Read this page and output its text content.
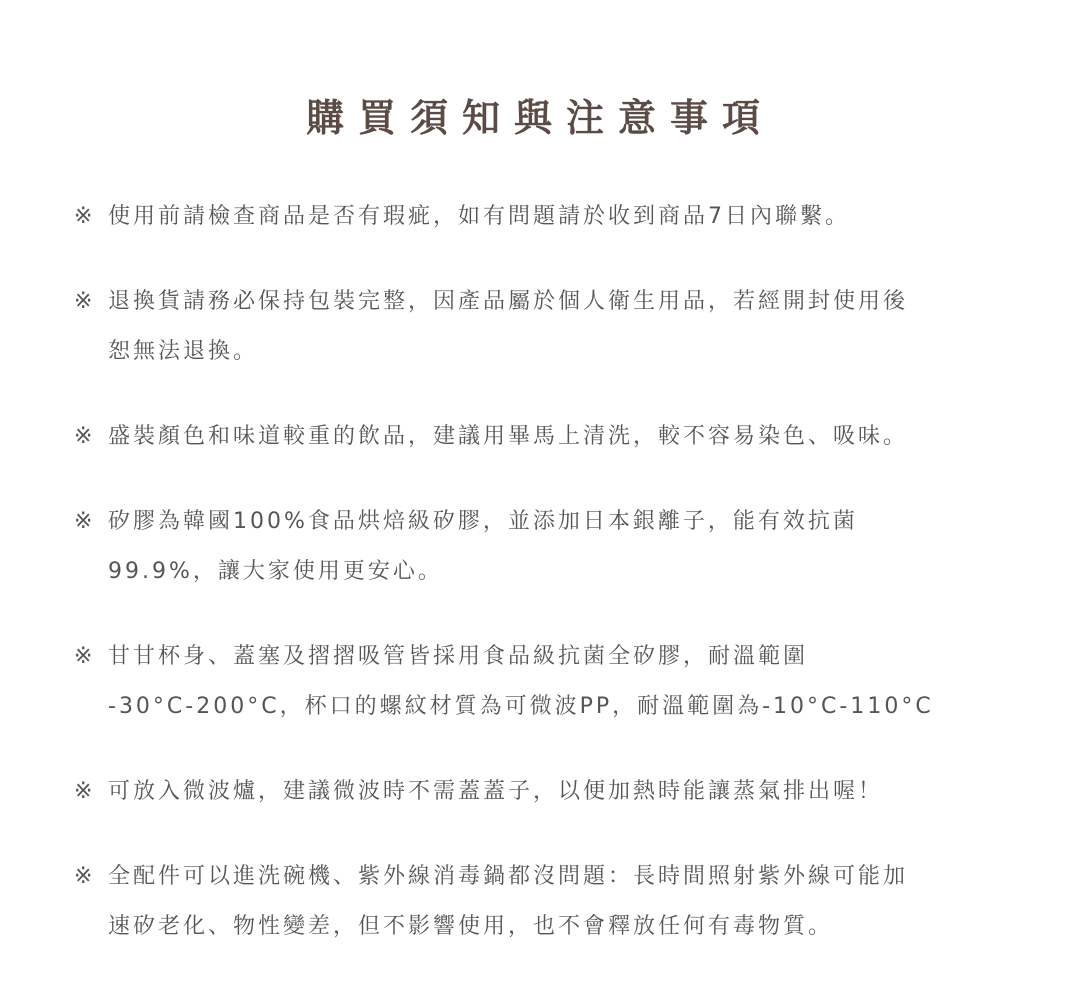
購買須知與注意事項
※ 使用前請檢查商品是否有瑕疵，如有問題請於收到商品7日內聯繫。
※ 退換貨請務必保持包裝完整，因產品屬於個人衛生用品，若經開封使用後
恕無法退換。
※ 盛裝顏色和味道較重的飲品，建議用畢馬上清洗，較不容易染色、吸味。
※ 矽膠為韓國100%食品烘焙級矽膠，並添加日本銀離子，能有效抗菌
99.9%，讓大家使用更安心。
※ 甘甘杯身、蓋塞及摺摺吸管皆採用食品級抗菌全矽膠，耐溫範圍
-30°C-200°C，杯口的螺紋材質為可微波PP，耐溫範圍為-10°C-110°C
※ 可放入微波爐，建議微波時不需蓋蓋子，以便加熱時能讓蒸氣排出喔！
※ 全配件可以進洗碗機、紫外線消毒鍋都沒問題：長時間照射紫外線可能加
速矽老化、物性變差，但不影響使用，也不會釋放任何有毒物質。
